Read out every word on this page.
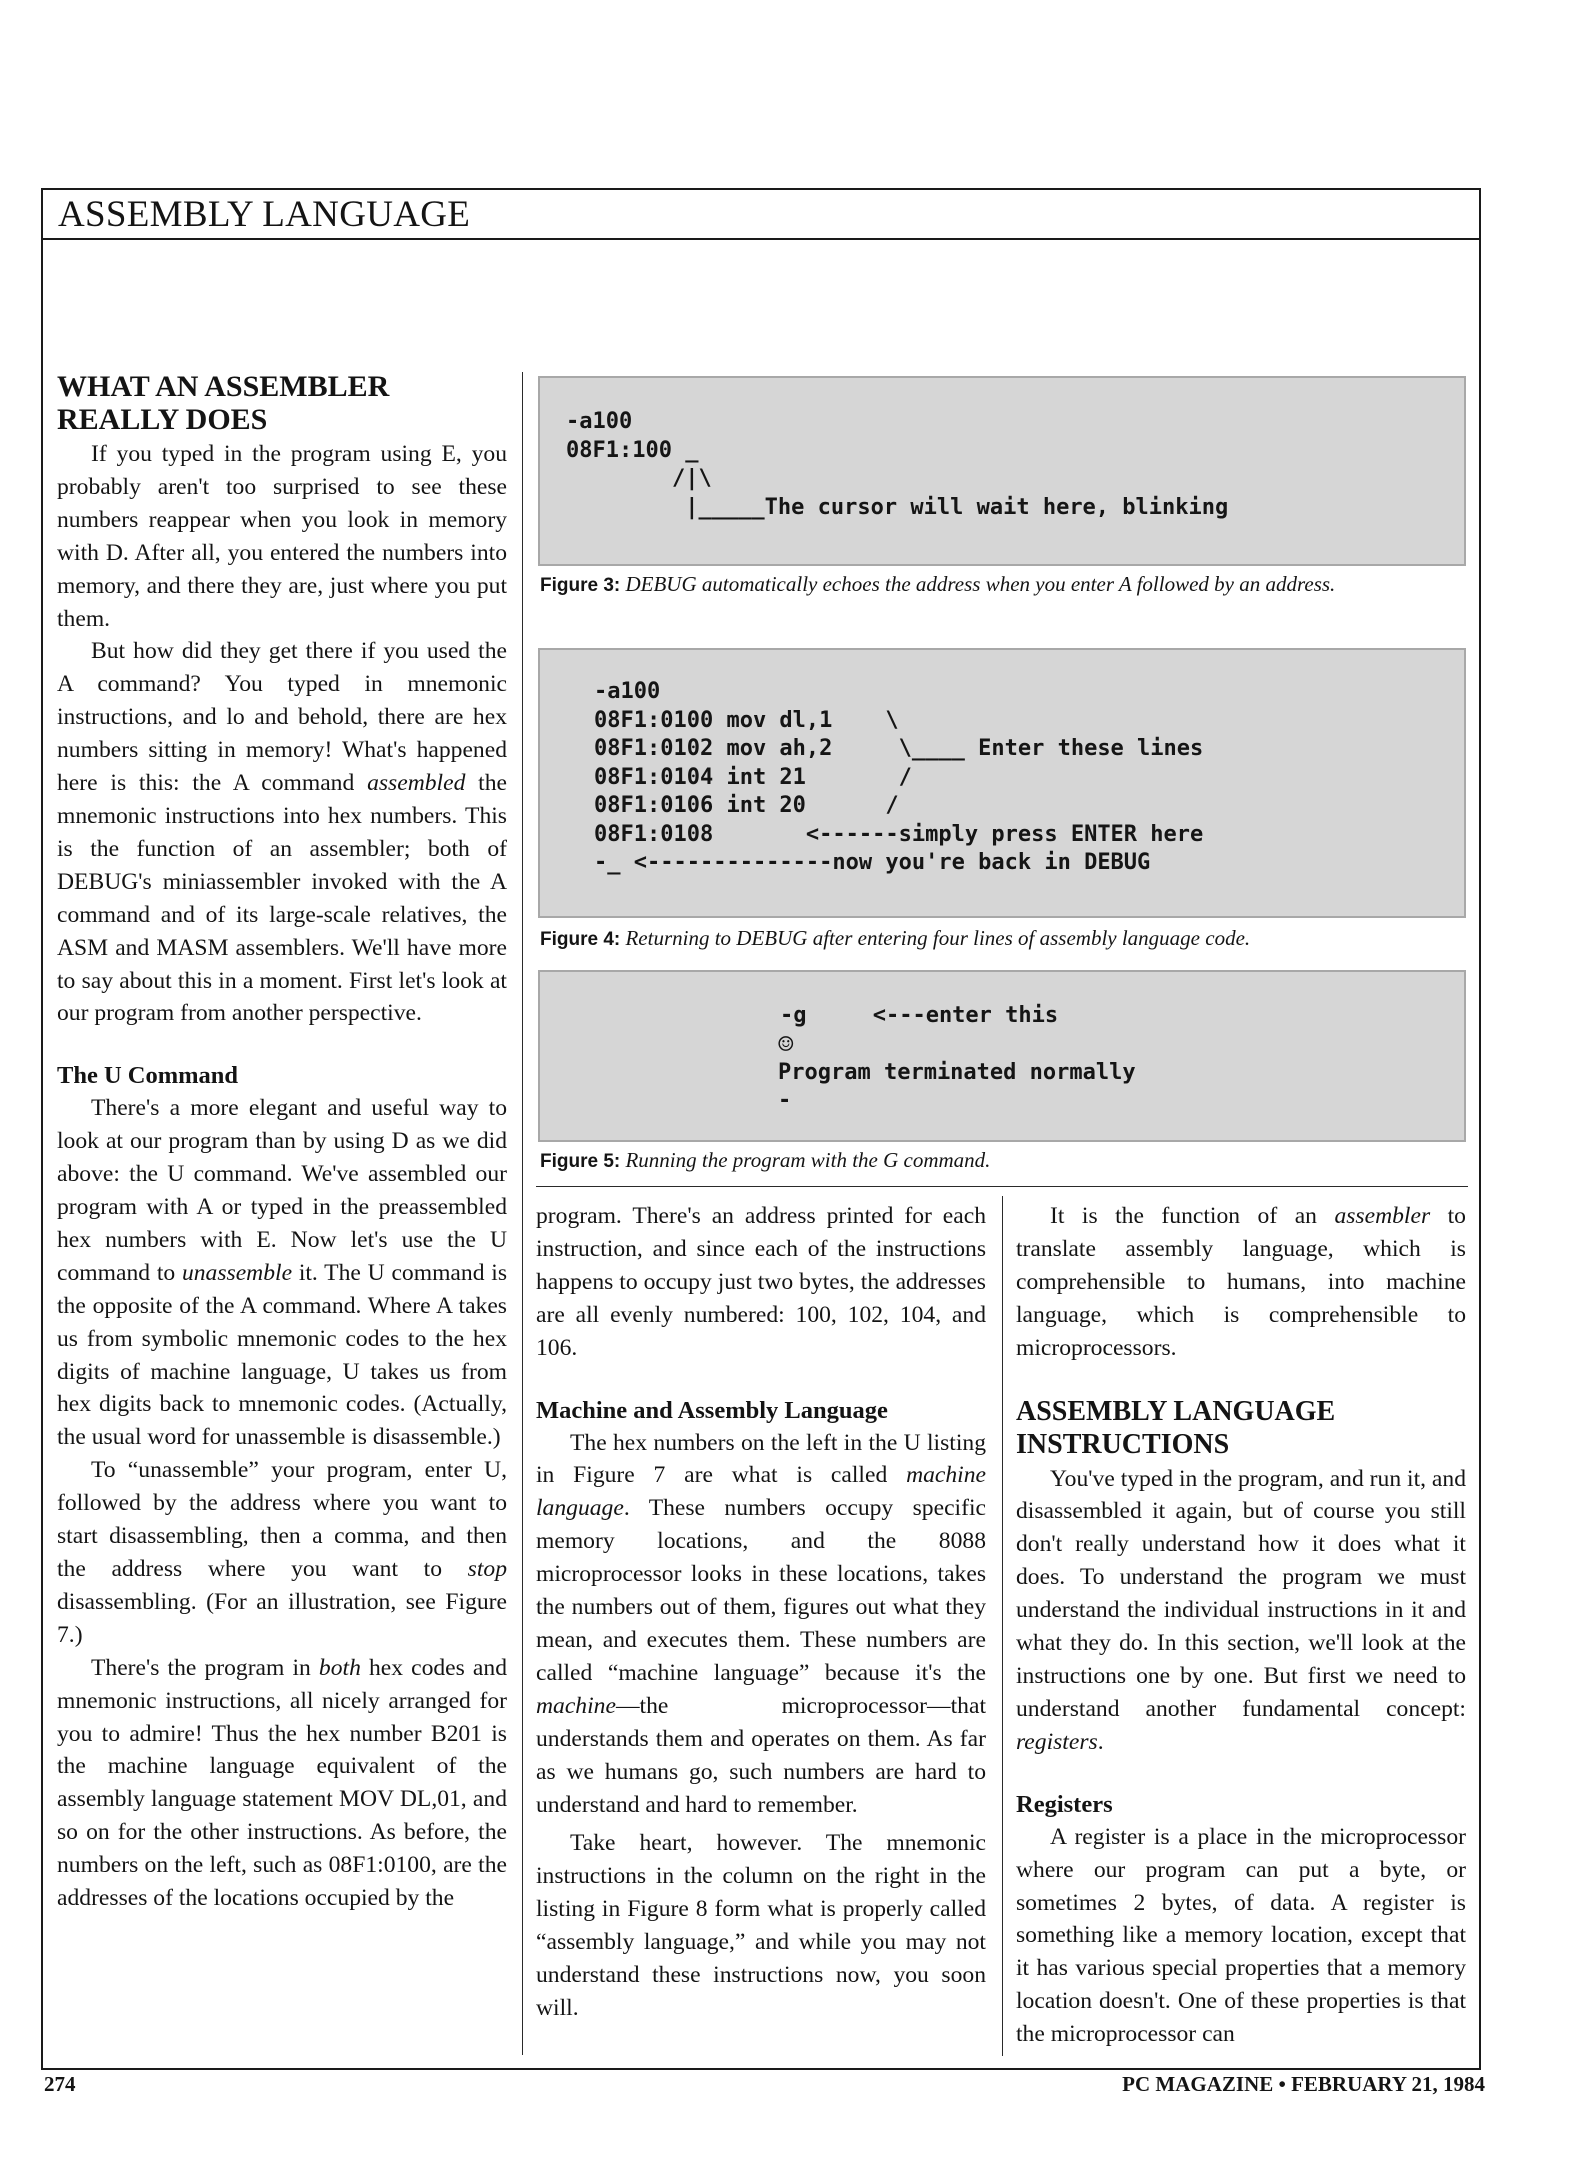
ASSEMBLY LANGUAGE
WHAT AN ASSEMBLER
REALLY DOES

If you typed in the program using E, you probably aren't too surprised to see these numbers reappear when you look in memory with D. After all, you entered the numbers into memory, and there they are, just where you put them.

But how did they get there if you used the A command? You typed in mnemonic instructions, and lo and behold, there are hex numbers sitting in memory! What's happened here is this: the A command assembled the mnemonic instructions into hex numbers. This is the function of an assembler; both of DEBUG's miniassembler invoked with the A command and of its large-scale relatives, the ASM and MASM assemblers. We'll have more to say about this in a moment. First let's look at our program from another perspective.

The U Command

There's a more elegant and useful way to look at our program than by using D as we did above: the U command. We've assembled our program with A or typed in the preassembled hex numbers with E. Now let's use the U command to unassemble it. The U command is the opposite of the A command. Where A takes us from symbolic mnemonic codes to the hex digits of machine language, U takes us from hex digits back to mnemonic codes. (Actually, the usual word for unassemble is disassemble.)

To “unassemble” your program, enter U, followed by the address where you want to start disassembling, then a comma, and then the address where you want to stop disassembling. (For an illustration, see Figure 7.)

There's the program in both hex codes and mnemonic instructions, all nicely arranged for you to admire! Thus the hex number B201 is the machine language equivalent of the assembly language statement MOV DL,01, and so on for the other instructions. As before, the numbers on the left, such as 08F1:0100, are the addresses of the locations occupied by the

-a100
08F1:100 _
/|\
|_____The cursor will wait here, blinking
Figure 3: DEBUG automatically echoes the address when you enter A followed by an address.
-a100
08F1:0100 mov dl,1    \
08F1:0102 mov ah,2     \____ Enter these lines
08F1:0104 int 21       /
08F1:0106 int 20      /
08F1:0108       <------simply press ENTER here
-_ <--------------now you're back in DEBUG
Figure 4: Returning to DEBUG after entering four lines of assembly language code.
-g     <---enter this
☺
Program terminated normally
-
Figure 5: Running the program with the G command.

program. There's an address printed for each instruction, and since each of the instructions happens to occupy just two bytes, the addresses are all evenly numbered: 100, 102, 104, and 106.

Machine and Assembly Language

The hex numbers on the left in the U listing in Figure 7 are what is called machine language. These numbers occupy specific memory locations, and the 8088 microprocessor looks in these locations, takes the numbers out of them, figures out what they mean, and executes them. These numbers are called “machine language” because it's the machine—the microprocessor—that understands them and operates on them. As far as we humans go, such numbers are hard to understand and hard to remember.

Take heart, however. The mnemonic instructions in the column on the right in the listing in Figure 8 form what is properly called “assembly language,” and while you may not understand these instructions now, you soon will.

It is the function of an assembler to translate assembly language, which is comprehensible to humans, into machine language, which is comprehensible to microprocessors.

ASSEMBLY LANGUAGE
INSTRUCTIONS

You've typed in the program, and run it, and disassembled it again, but of course you still don't really understand how it does what it does. To understand the program we must understand the individual instructions in it and what they do. In this section, we'll look at the instructions one by one. But first we need to understand another fundamental concept: registers.

Registers

A register is a place in the microprocessor where our program can put a byte, or sometimes 2 bytes, of data. A register is something like a memory location, except that it has various special properties that a memory location doesn't. One of these properties is that the microprocessor can

274	PC MAGAZINE • FEBRUARY 21, 1984
